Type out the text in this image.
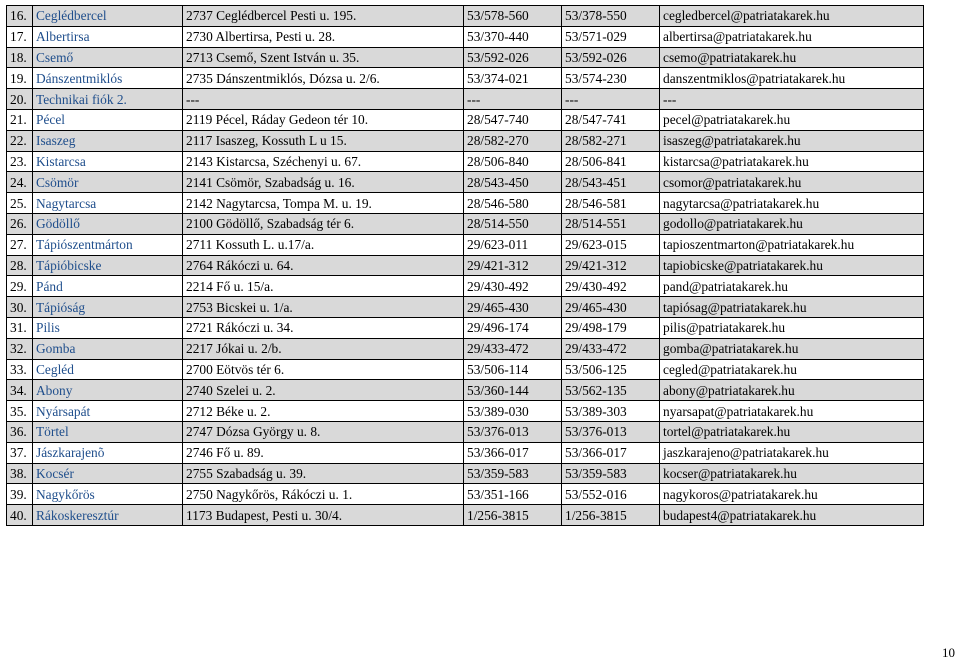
16.	Ceglédbercel	2737 Ceglédbercel Pesti u. 195.	53/578-560	53/378-550	cegledbercel@patriatakarek.hu
17.	Albertirsa	2730 Albertirsa, Pesti u. 28.	53/370-440	53/571-029	albertirsa@patriatakarek.hu
18.	Csemő	2713 Csemő, Szent István u. 35.	53/592-026	53/592-026	csemo@patriatakarek.hu
19.	Dánszentmiklós	2735 Dánszentmiklós, Dózsa u. 2/6.	53/374-021	53/574-230	danszentmiklos@patriatakarek.hu
20.	Technikai fiók 2.	---	---	---	---
21.	Pécel	2119 Pécel, Ráday Gedeon tér 10.	28/547-740	28/547-741	pecel@patriatakarek.hu
22.	Isaszeg	2117 Isaszeg, Kossuth L u 15.	28/582-270	28/582-271	isaszeg@patriatakarek.hu
23.	Kistarcsa	2143 Kistarcsa, Széchenyi u. 67.	28/506-840	28/506-841	kistarcsa@patriatakarek.hu
24.	Csömör	2141 Csömör, Szabadság u. 16.	28/543-450	28/543-451	csomor@patriatakarek.hu
25.	Nagytarcsa	2142 Nagytarcsa, Tompa M. u. 19.	28/546-580	28/546-581	nagytarcsa@patriatakarek.hu
26.	Gödöllő	2100 Gödöllő, Szabadság tér 6.	28/514-550	28/514-551	godollo@patriatakarek.hu
27.	Tápiószentmárton	2711 Kossuth L. u.17/a.	29/623-011	29/623-015	tapioszentmarton@patriatakarek.hu
28.	Tápióbicske	2764 Rákóczi u. 64.	29/421-312	29/421-312	tapiobicske@patriatakarek.hu
29.	Pánd	2214 Fő u. 15/a.	29/430-492	29/430-492	pand@patriatakarek.hu
30.	Tápióság	2753 Bicskei u. 1/a.	29/465-430	29/465-430	tapiósag@patriatakarek.hu
31.	Pilis	2721 Rákóczi u. 34.	29/496-174	29/498-179	pilis@patriatakarek.hu
32.	Gomba	2217 Jókai u. 2/b.	29/433-472	29/433-472	gomba@patriatakarek.hu
33.	Cegléd	2700 Eötvös tér 6.	53/506-114	53/506-125	cegled@patriatakarek.hu
34.	Abony	2740 Szelei u. 2.	53/360-144	53/562-135	abony@patriatakarek.hu
35.	Nyársapát	2712 Béke u. 2.	53/389-030	53/389-303	nyarsapat@patriatakarek.hu
36.	Törtel	2747 Dózsa György u. 8.	53/376-013	53/376-013	tortel@patriatakarek.hu
37.	Jászkarajenõ	2746 Fő u. 89.	53/366-017	53/366-017	jaszkarajeno@patriatakarek.hu
38.	Kocsér	2755 Szabadság u. 39.	53/359-583	53/359-583	kocser@patriatakarek.hu
39.	Nagykőrös	2750 Nagykőrös, Rákóczi u. 1.	53/351-166	53/552-016	nagykoros@patriatakarek.hu
40.	Rákoskeresztúr	1173 Budapest, Pesti u. 30/4.	1/256-3815	1/256-3815	budapest4@patriatakarek.hu
10
